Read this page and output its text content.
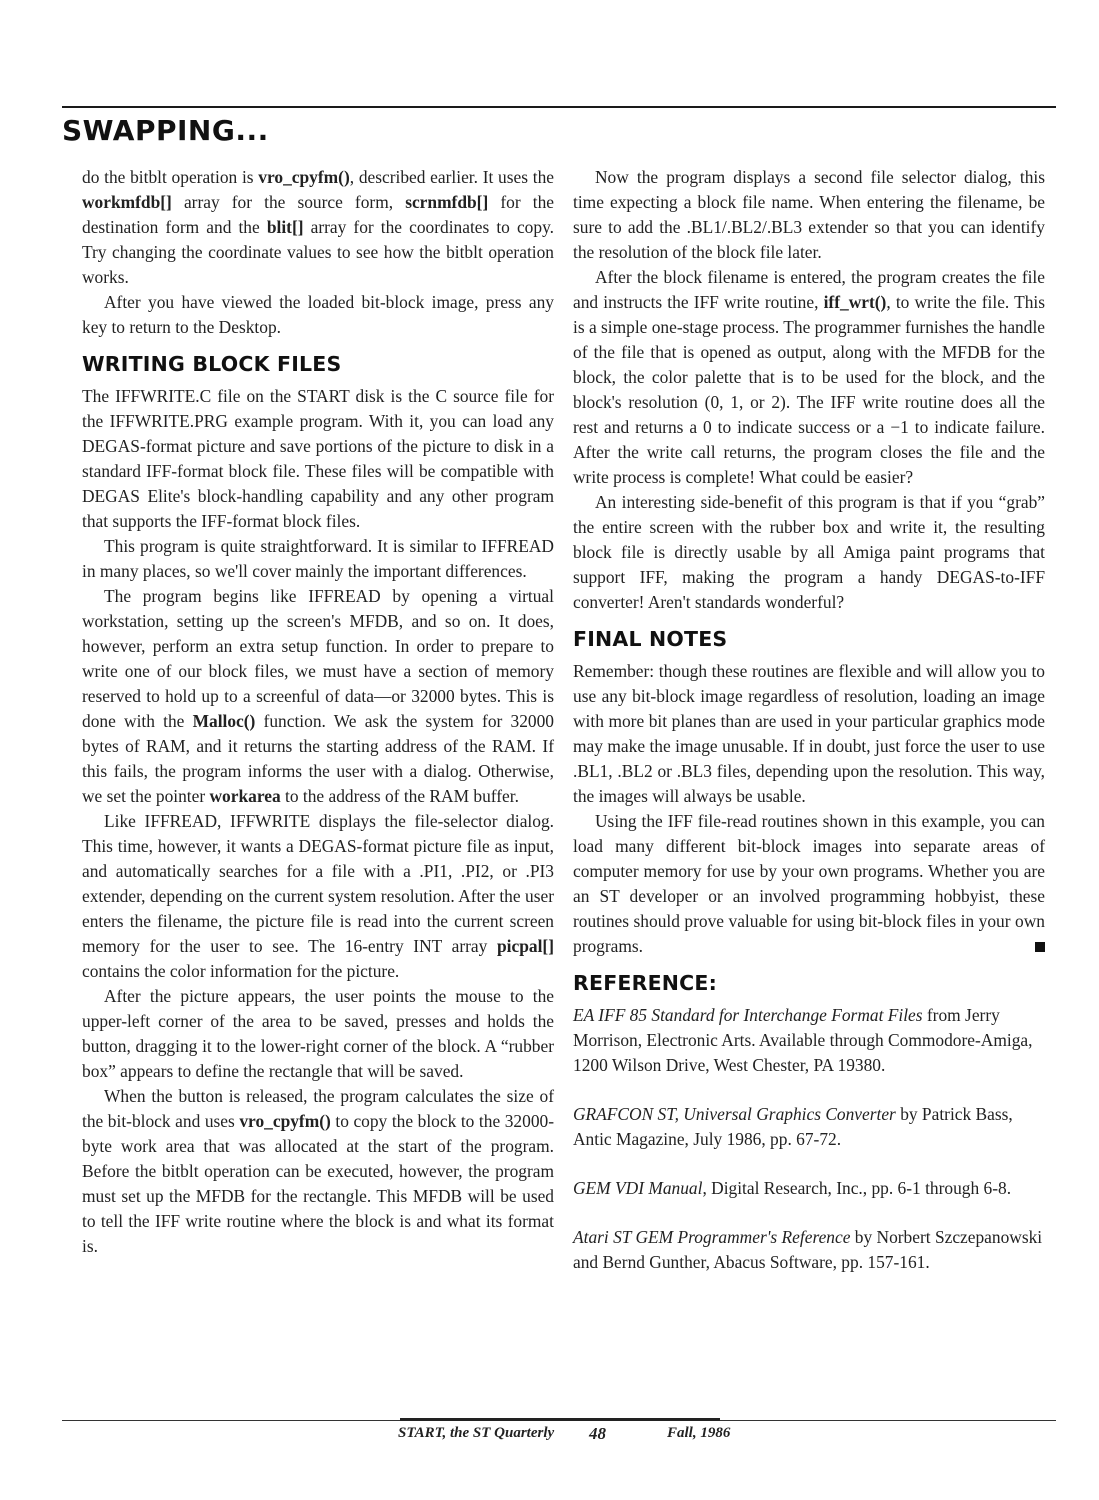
SWAPPING...

do the bitblt operation is vro_cpyfm(), described earlier. It uses the workmfdb[] array for the source form, scrnmfdb[] for the destination form and the blit[] array for the coordinates to copy. Try changing the coordinate values to see how the bitblt operation works.

After you have viewed the loaded bit-block image, press any key to return to the Desktop.

WRITING BLOCK FILES

The IFFWRITE.C file on the START disk is the C source file for the IFFWRITE.PRG example program. With it, you can load any DEGAS-format picture and save portions of the picture to disk in a standard IFF-format block file. These files will be compatible with DEGAS Elite's block-handling capability and any other program that supports the IFF-format block files.

This program is quite straightforward. It is similar to IFFREAD in many places, so we'll cover mainly the important differences.

The program begins like IFFREAD by opening a virtual workstation, setting up the screen's MFDB, and so on. It does, however, perform an extra setup function. In order to prepare to write one of our block files, we must have a section of memory reserved to hold up to a screenful of data—or 32000 bytes. This is done with the Malloc() function. We ask the system for 32000 bytes of RAM, and it returns the starting address of the RAM. If this fails, the program informs the user with a dialog. Otherwise, we set the pointer workarea to the address of the RAM buffer.

Like IFFREAD, IFFWRITE displays the file-selector dialog. This time, however, it wants a DEGAS-format picture file as input, and automatically searches for a file with a .PI1, .PI2, or .PI3 extender, depending on the current system resolution. After the user enters the filename, the picture file is read into the current screen memory for the user to see. The 16-entry INT array picpal[] contains the color information for the picture.

After the picture appears, the user points the mouse to the upper-left corner of the area to be saved, presses and holds the button, dragging it to the lower-right corner of the block. A “rubber box” appears to define the rectangle that will be saved.

When the button is released, the program calculates the size of the bit-block and uses vro_cpyfm() to copy the block to the 32000-byte work area that was allocated at the start of the program. Before the bitblt operation can be executed, however, the program must set up the MFDB for the rectangle. This MFDB will be used to tell the IFF write routine where the block is and what its format is.

Now the program displays a second file selector dialog, this time expecting a block file name. When entering the filename, be sure to add the .BL1/.BL2/.BL3 extender so that you can identify the resolution of the block file later.

After the block filename is entered, the program creates the file and instructs the IFF write routine, iff_wrt(), to write the file. This is a simple one-stage process. The programmer furnishes the handle of the file that is opened as output, along with the MFDB for the block, the color palette that is to be used for the block, and the block's resolution (0, 1, or 2). The IFF write routine does all the rest and returns a 0 to indicate success or a −1 to indicate failure. After the write call returns, the program closes the file and the write process is complete! What could be easier?

An interesting side-benefit of this program is that if you “grab” the entire screen with the rubber box and write it, the resulting block file is directly usable by all Amiga paint programs that support IFF, making the program a handy DEGAS-to-IFF converter! Aren't standards wonderful?

FINAL NOTES

Remember: though these routines are flexible and will allow you to use any bit-block image regardless of resolution, loading an image with more bit planes than are used in your particular graphics mode may make the image unusable. If in doubt, just force the user to use .BL1, .BL2 or .BL3 files, depending upon the resolution. This way, the images will always be usable.

Using the IFF file-read routines shown in this example, you can load many different bit-block images into separate areas of computer memory for use by your own programs. Whether you are an ST developer or an involved programming hobbyist, these routines should prove valuable for using bit-block files in your own programs.

REFERENCE:

EA IFF 85 Standard for Interchange Format Files from Jerry Morrison, Electronic Arts. Available through Commodore-Amiga, 1200 Wilson Drive, West Chester, PA 19380.

GRAFCON ST, Universal Graphics Converter by Patrick Bass, Antic Magazine, July 1986, pp. 67-72.

GEM VDI Manual, Digital Research, Inc., pp. 6-1 through 6-8.

Atari ST GEM Programmer's Reference by Norbert Szczepanowski and Bernd Gunther, Abacus Software, pp. 157-161.

START, the ST Quarterly 48	Fall, 1986
